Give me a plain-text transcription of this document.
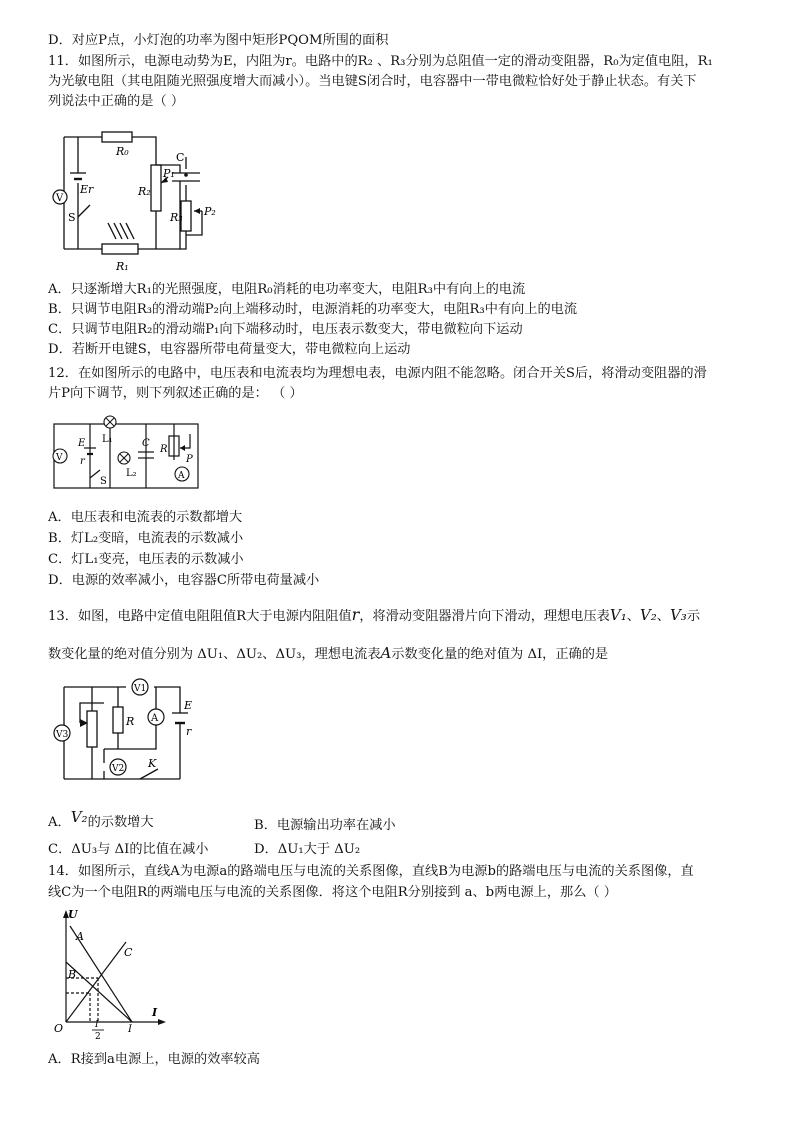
D．对应P点，小灯泡的功率为图中矩形PQOM所围的面积
11．如图所示，电源电动势为E，内阻为r。电路中的R₂ 、R₃分别为总阻值一定的滑动变阻器，R₀为定值电阻，R₁
为光敏电阻（其电阻随光照强度增大而减小）。当电键S闭合时，电容器中一带电微粒恰好处于静止状态。有关下
列说法中正确的是（ ）
V
R₀
R₁
R₂
R₃
C
E r
S
P₁
P₂
A．只逐渐增大R₁的光照强度，电阻R₀消耗的电功率变大，电阻R₃中有向上的电流
B．只调节电阻R₃的滑动端P₂向上端移动时，电源消耗的功率变大，电阻R₃中有向上的电流
C．只调节电阻R₂的滑动端P₁向下端移动时，电压表示数变大，带电微粒向下运动
D．若断开电键S，电容器所带电荷量变大，带电微粒向上运动
12．在如图所示的电路中，电压表和电流表均为理想电表，电源内阻不能忽略。闭合开关S后，将滑动变阻器的滑
片P向下调节，则下列叙述正确的是： （ ）
V
A
L₁
L₂
C
R
P
E
r
S
A．电压表和电流表的示数都增大
B．灯L₂变暗，电流表的示数减小
C．灯L₁变亮，电压表的示数减小
D．电源的效率减小，电容器C所带电荷量减小
13．如图，电路中定值电阻阻值R大于电源内阻阻值r，将滑动变阻器滑片向下滑动，理想电压表V₁、V₂、V₃示
数变化量的绝对值分别为 ΔU₁、ΔU₂、ΔU₃，理想电流表A示数变化量的绝对值为 ΔI，正确的是
V1
A
V3
V2
R
E
r
K
A．V₂的示数增大	B．电源输出功率在减小
C．ΔU₃与 ΔI的比值在减小	D．ΔU₁大于 ΔU₂
14．如图所示，直线A为电源a的路端电压与电流的关系图像，直线B为电源b的路端电压与电流的关系图像，直
线C为一个电阻R的两端电压与电流的关系图像．将这个电阻R分别接到 a、b两电源上，那么（ ）
U
I
O
A
B
C
I
2
I
A．R接到a电源上，电源的效率较高
